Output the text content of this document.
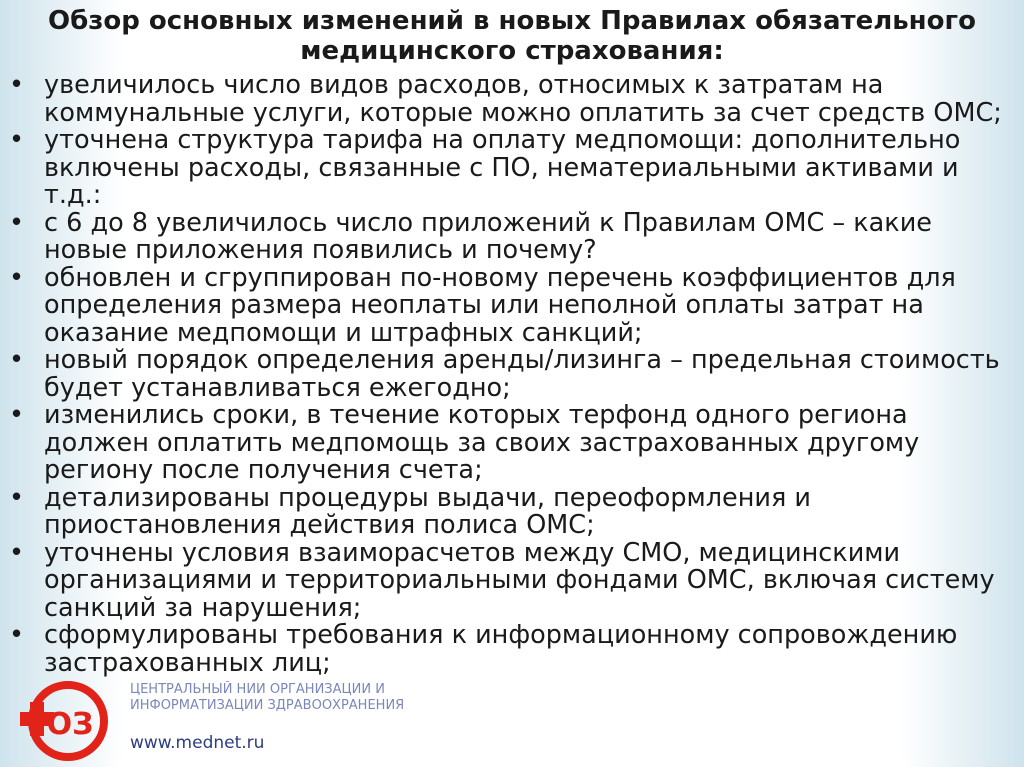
Обзор основных изменений в новых Правилах обязательного медицинского страхования:
• увеличилось число видов расходов, относимых к затратам на коммунальные услуги, которые можно оплатить за счет средств ОМС;
• уточнена структура тарифа на оплату медпомощи: дополнительно включены расходы, связанные с ПО, нематериальными активами и т.д.:
• с 6 до 8 увеличилось число приложений к Правилам ОМС – какие новые приложения появились и почему?
• обновлен и сгруппирован по-новому перечень коэффициентов для определения размера неоплаты или неполной оплаты затрат на оказание медпомощи и штрафных санкций;
• новый порядок определения аренды/лизинга – предельная стоимость будет устанавливаться ежегодно;
• изменились сроки, в течение которых терфонд одного региона должен оплатить медпомощь за своих застрахованных другому региону после получения счета;
• детализированы процедуры выдачи, переоформления и приостановления действия полиса ОМС;
• уточнены условия взаиморасчетов между СМО, медицинскими организациями и территориальными фондами ОМС, включая систему санкций за нарушения;
• сформулированы требования к информационному сопровождению застрахованных лиц;
ОЗ
ЦЕНТРАЛЬНЫЙ НИИ ОРГАНИЗАЦИИ И ИНФОРМАТИЗАЦИИ ЗДРАВООХРАНЕНИЯ
www.mednet.ru
